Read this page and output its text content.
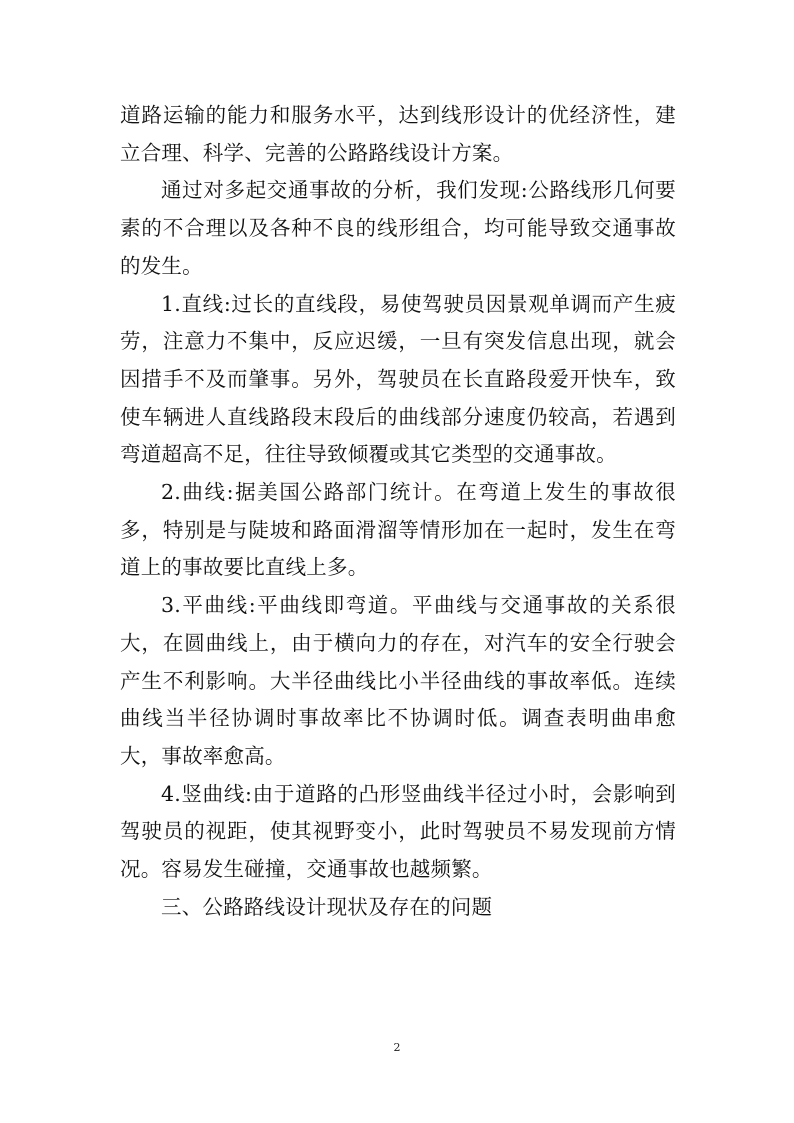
道路运输的能力和服务水平，达到线形设计的优经济性，建立合理、科学、完善的公路路线设计方案。

通过对多起交通事故的分析，我们发现:公路线形几何要素的不合理以及各种不良的线形组合，均可能导致交通事故的发生。

1.直线:过长的直线段，易使驾驶员因景观单调而产生疲劳，注意力不集中，反应迟缓，一旦有突发信息出现，就会因措手不及而肇事。另外，驾驶员在长直路段爱开快车，致使车辆进人直线路段末段后的曲线部分速度仍较高，若遇到弯道超高不足，往往导致倾覆或其它类型的交通事故。

2.曲线:据美国公路部门统计。在弯道上发生的事故很多，特别是与陡坡和路面滑溜等情形加在一起时，发生在弯道上的事故要比直线上多。

3.平曲线:平曲线即弯道。平曲线与交通事故的关系很大，在圆曲线上，由于横向力的存在，对汽车的安全行驶会产生不利影响。大半径曲线比小半径曲线的事故率低。连续曲线当半径协调时事故率比不协调时低。调查表明曲串愈大，事故率愈高。

4.竖曲线:由于道路的凸形竖曲线半径过小时，会影响到驾驶员的视距，使其视野变小，此时驾驶员不易发现前方情况。容易发生碰撞，交通事故也越频繁。

三、公路路线设计现状及存在的问题

2
